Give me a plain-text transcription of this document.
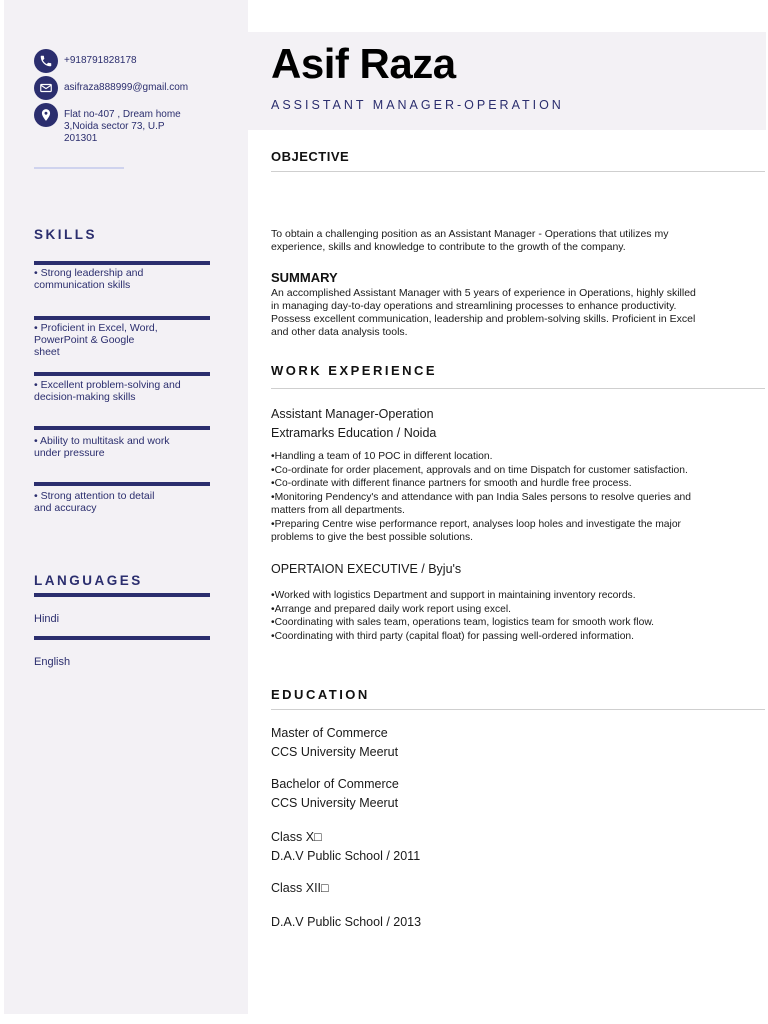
+918791828178
asifraza888999@gmail.com
Flat no-407 , Dream home
3,Noida sector 73, U.P
201301
SKILLS
• Strong leadership and
communication skills
• Proficient in Excel, Word,
PowerPoint & Google
sheet
• Excellent problem-solving and
decision-making skills
• Ability to multitask and work
under pressure
• Strong attention to detail
and accuracy
LANGUAGES
Hindi
English
Asif Raza
ASSISTANT MANAGER-OPERATION
OBJECTIVE
To obtain a challenging position as an Assistant Manager - Operations that utilizes my
experience, skills and knowledge to contribute to the growth of the company.
SUMMARY
An accomplished Assistant Manager with 5 years of experience in Operations, highly skilled
in managing day-to-day operations and streamlining processes to enhance productivity.
Possess excellent communication, leadership and problem-solving skills. Proficient in Excel
and other data analysis tools.
WORK EXPERIENCE
Assistant Manager-Operation
Extramarks Education / Noida
•Handling a team of 10 POC in different location.
•Co-ordinate for order placement, approvals and on time Dispatch for customer satisfaction.
•Co-ordinate with different finance partners for smooth and hurdle free process.
•Monitoring Pendency's and attendance with pan India Sales persons to resolve queries and
matters from all departments.
•Preparing Centre wise performance report, analyses loop holes and investigate the major
problems to give the best possible solutions.
OPERTAION EXECUTIVE / Byju's
•Worked with logistics Department and support in maintaining inventory records.
•Arrange and prepared daily work report using excel.
•Coordinating with sales team, operations team, logistics team for smooth work flow.
•Coordinating with third party (capital float) for passing well-ordered information.
EDUCATION
Master of Commerce
CCS University Meerut
Bachelor of Commerce
CCS University Meerut
Class X□
D.A.V Public School / 2011
Class XII□
D.A.V Public School / 2013
